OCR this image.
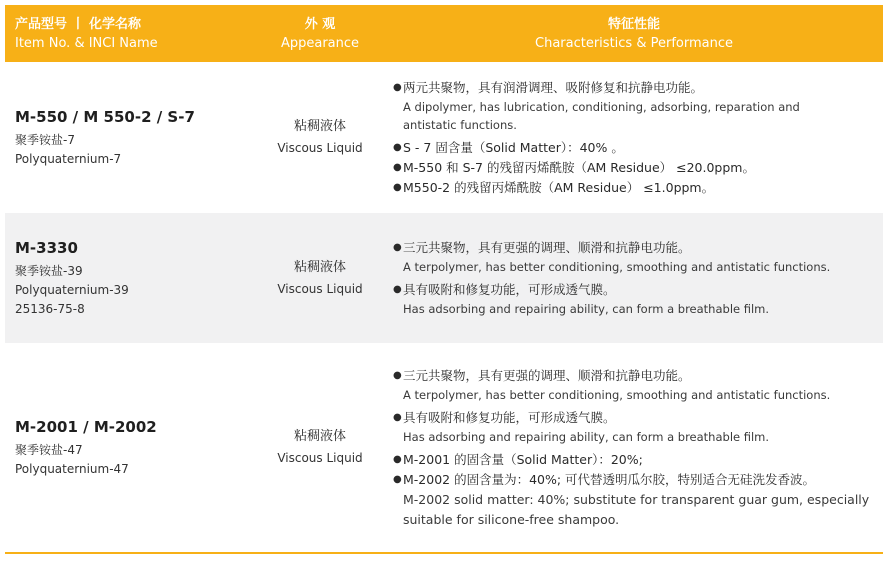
产品型号 丨 化学名称
Item No. & INCI Name
外 观
Appearance
特征性能
Characteristics & Performance
M-550 / M 550-2 / S-7
聚季铵盐-7
Polyquaternium-7
粘稠液体
Viscous Liquid
● 两元共聚物，具有润滑调理、吸附修复和抗静电功能。
A dipolymer, has lubrication, conditioning, adsorbing, reparation and antistatic functions.
● S - 7 固含量（Solid Matter）：40% 。
● M-550 和 S-7 的残留丙烯酰胺（AM Residue） ≤20.0ppm。
● M550-2 的残留丙烯酰胺（AM Residue） ≤1.0ppm。
M-3330
聚季铵盐-39
Polyquaternium-39
25136-75-8
粘稠液体
Viscous Liquid
● 三元共聚物，具有更强的调理、顺滑和抗静电功能。
A terpolymer, has better conditioning, smoothing and antistatic functions.
● 具有吸附和修复功能，可形成透气膜。
Has adsorbing and repairing ability, can form a breathable film.
M-2001 / M-2002
聚季铵盐-47
Polyquaternium-47
粘稠液体
Viscous Liquid
● 三元共聚物，具有更强的调理、顺滑和抗静电功能。
A terpolymer, has better conditioning, smoothing and antistatic functions.
● 具有吸附和修复功能，可形成透气膜。
Has adsorbing and repairing ability, can form a breathable film.
● M-2001 的固含量（Solid Matter）：20%;
● M-2002 的固含量为：40%; 可代替透明瓜尔胶，特别适合无硅洗发香波。
M-2002 solid matter: 40%; substitute for transparent guar gum, especially suitable for silicone-free shampoo.
